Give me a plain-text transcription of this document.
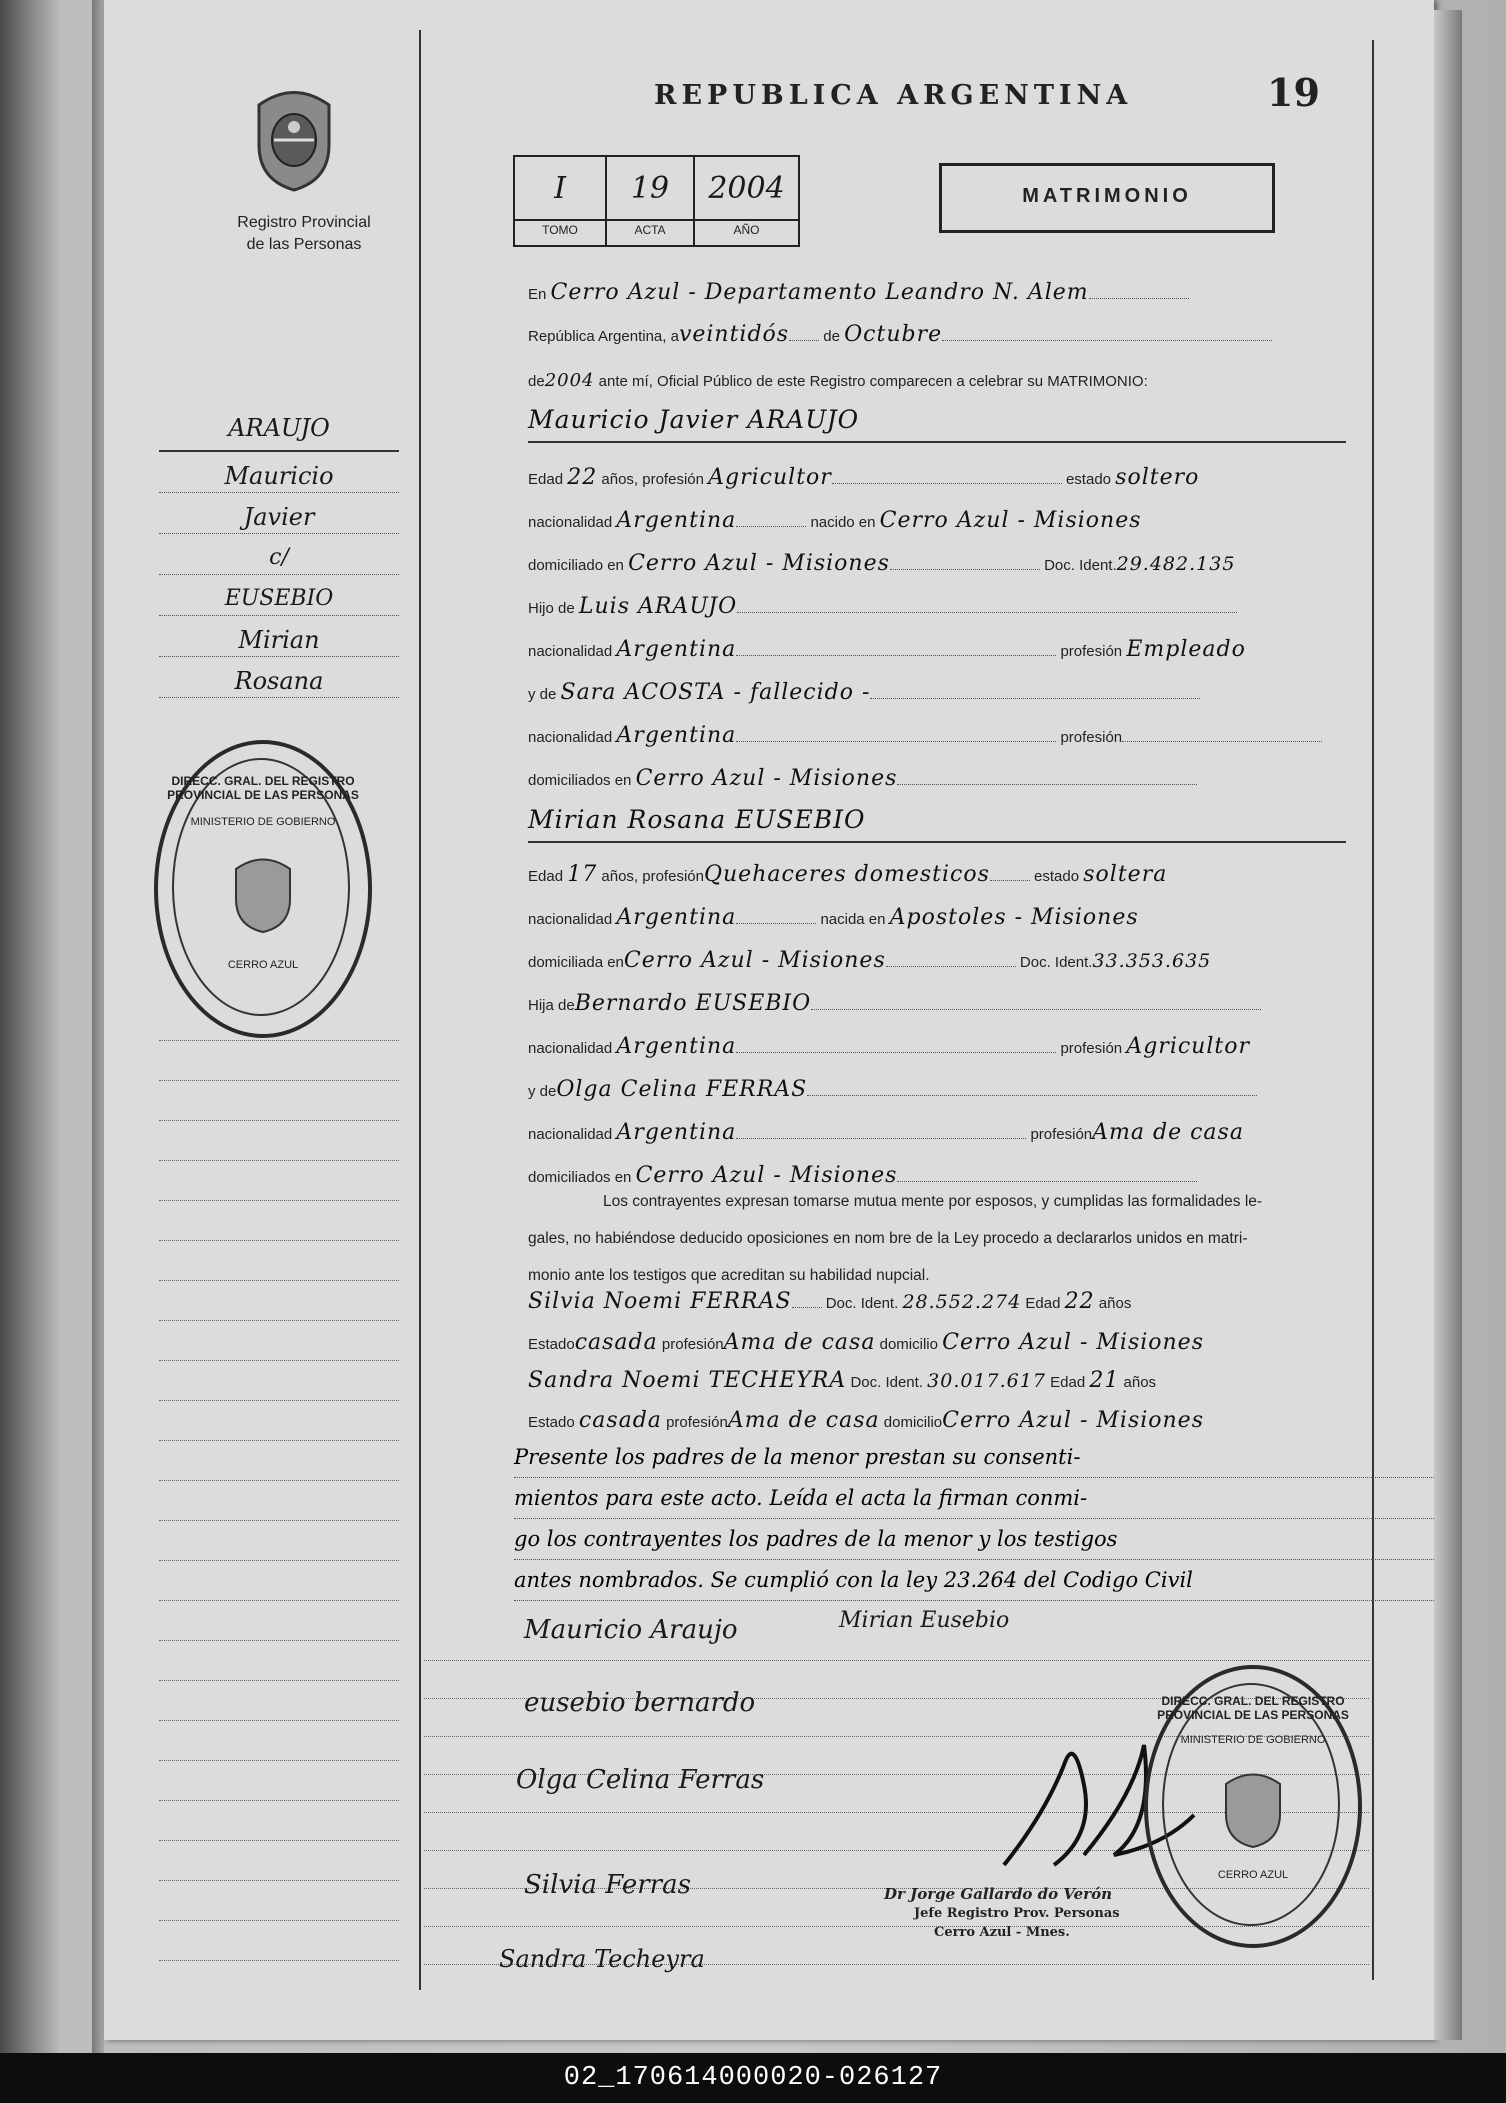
Registro Provincial
de las Personas
REPUBLICA ARGENTINA	19
I	19	2004
TOMO	ACTA	AÑO
MATRIMONIO
ARAUJO
Mauricio
Javier
c/
EUSEBIO
Mirian
Rosana
DIRECC. GRAL. DEL REGISTRO PROVINCIAL DE LAS PERSONAS
MINISTERIO DE GOBIERNO
CERRO AZUL
En Cerro Azul - Departamento Leandro N. Alem
República Argentina, aveintidós de Octubre
de2004 ante mí, Oficial Público de este Registro comparecen a celebrar su MATRIMONIO:
Mauricio Javier ARAUJO
Edad 22 años, profesión Agricultor	estado soltero
nacionalidad Argentina	nacido en Cerro Azul - Misiones
domiciliado en Cerro Azul - Misiones	Doc. Ident.29.482.135
Hijo de Luis ARAUJO
nacionalidad Argentina	profesión Empleado
y de Sara ACOSTA - fallecido -
nacionalidad Argentina	profesión
domiciliados en Cerro Azul - Misiones
Mirian Rosana EUSEBIO
Edad 17 años, profesiónQuehaceres domesticos	estado soltera
nacionalidad Argentina	nacida en Apostoles - Misiones
domiciliada enCerro Azul - Misiones	Doc. Ident.33.353.635
Hija deBernardo EUSEBIO
nacionalidad Argentina	profesión Agricultor
y deOlga Celina FERRAS
nacionalidad Argentina	profesiónAma de casa
domiciliados en Cerro Azul - Misiones
Los contrayentes expresan tomarse mutua mente por esposos, y cumplidas las formalidades le-
gales, no habiéndose deducido oposiciones en nom bre de la Ley procedo a declararlos unidos en matri-
monio ante los testigos que acreditan su habilidad nupcial.
Silvia Noemi FERRAS Doc. Ident. 28.552.274 Edad 22 años
Estadocasada profesiónAma de casa domicilio Cerro Azul - Misiones
Sandra Noemi TECHEYRA Doc. Ident. 30.017.617 Edad 21 años
Estado casada profesiónAma de casa domicilioCerro Azul - Misiones
Presente los padres de la menor prestan su consenti-
mientos para este acto. Leída el acta la firman conmi-
go los contrayentes los padres de la menor y los testigos
antes nombrados. Se cumplió con la ley 23.264 del Codigo Civil
Mauricio Araujo	Mirian Eusebio
eusebio bernardo
Olga Celina Ferras
Silvia Ferras
Sandra Techeyra
Dr Jorge Gallardo do Verón
Jefe Registro Prov. Personas
Cerro Azul - Mnes.
DIRECC. GRAL. DEL REGISTRO PROVINCIAL DE LAS PERSONAS
MINISTERIO DE GOBIERNO
CERRO AZUL
02_170614000020-026127
